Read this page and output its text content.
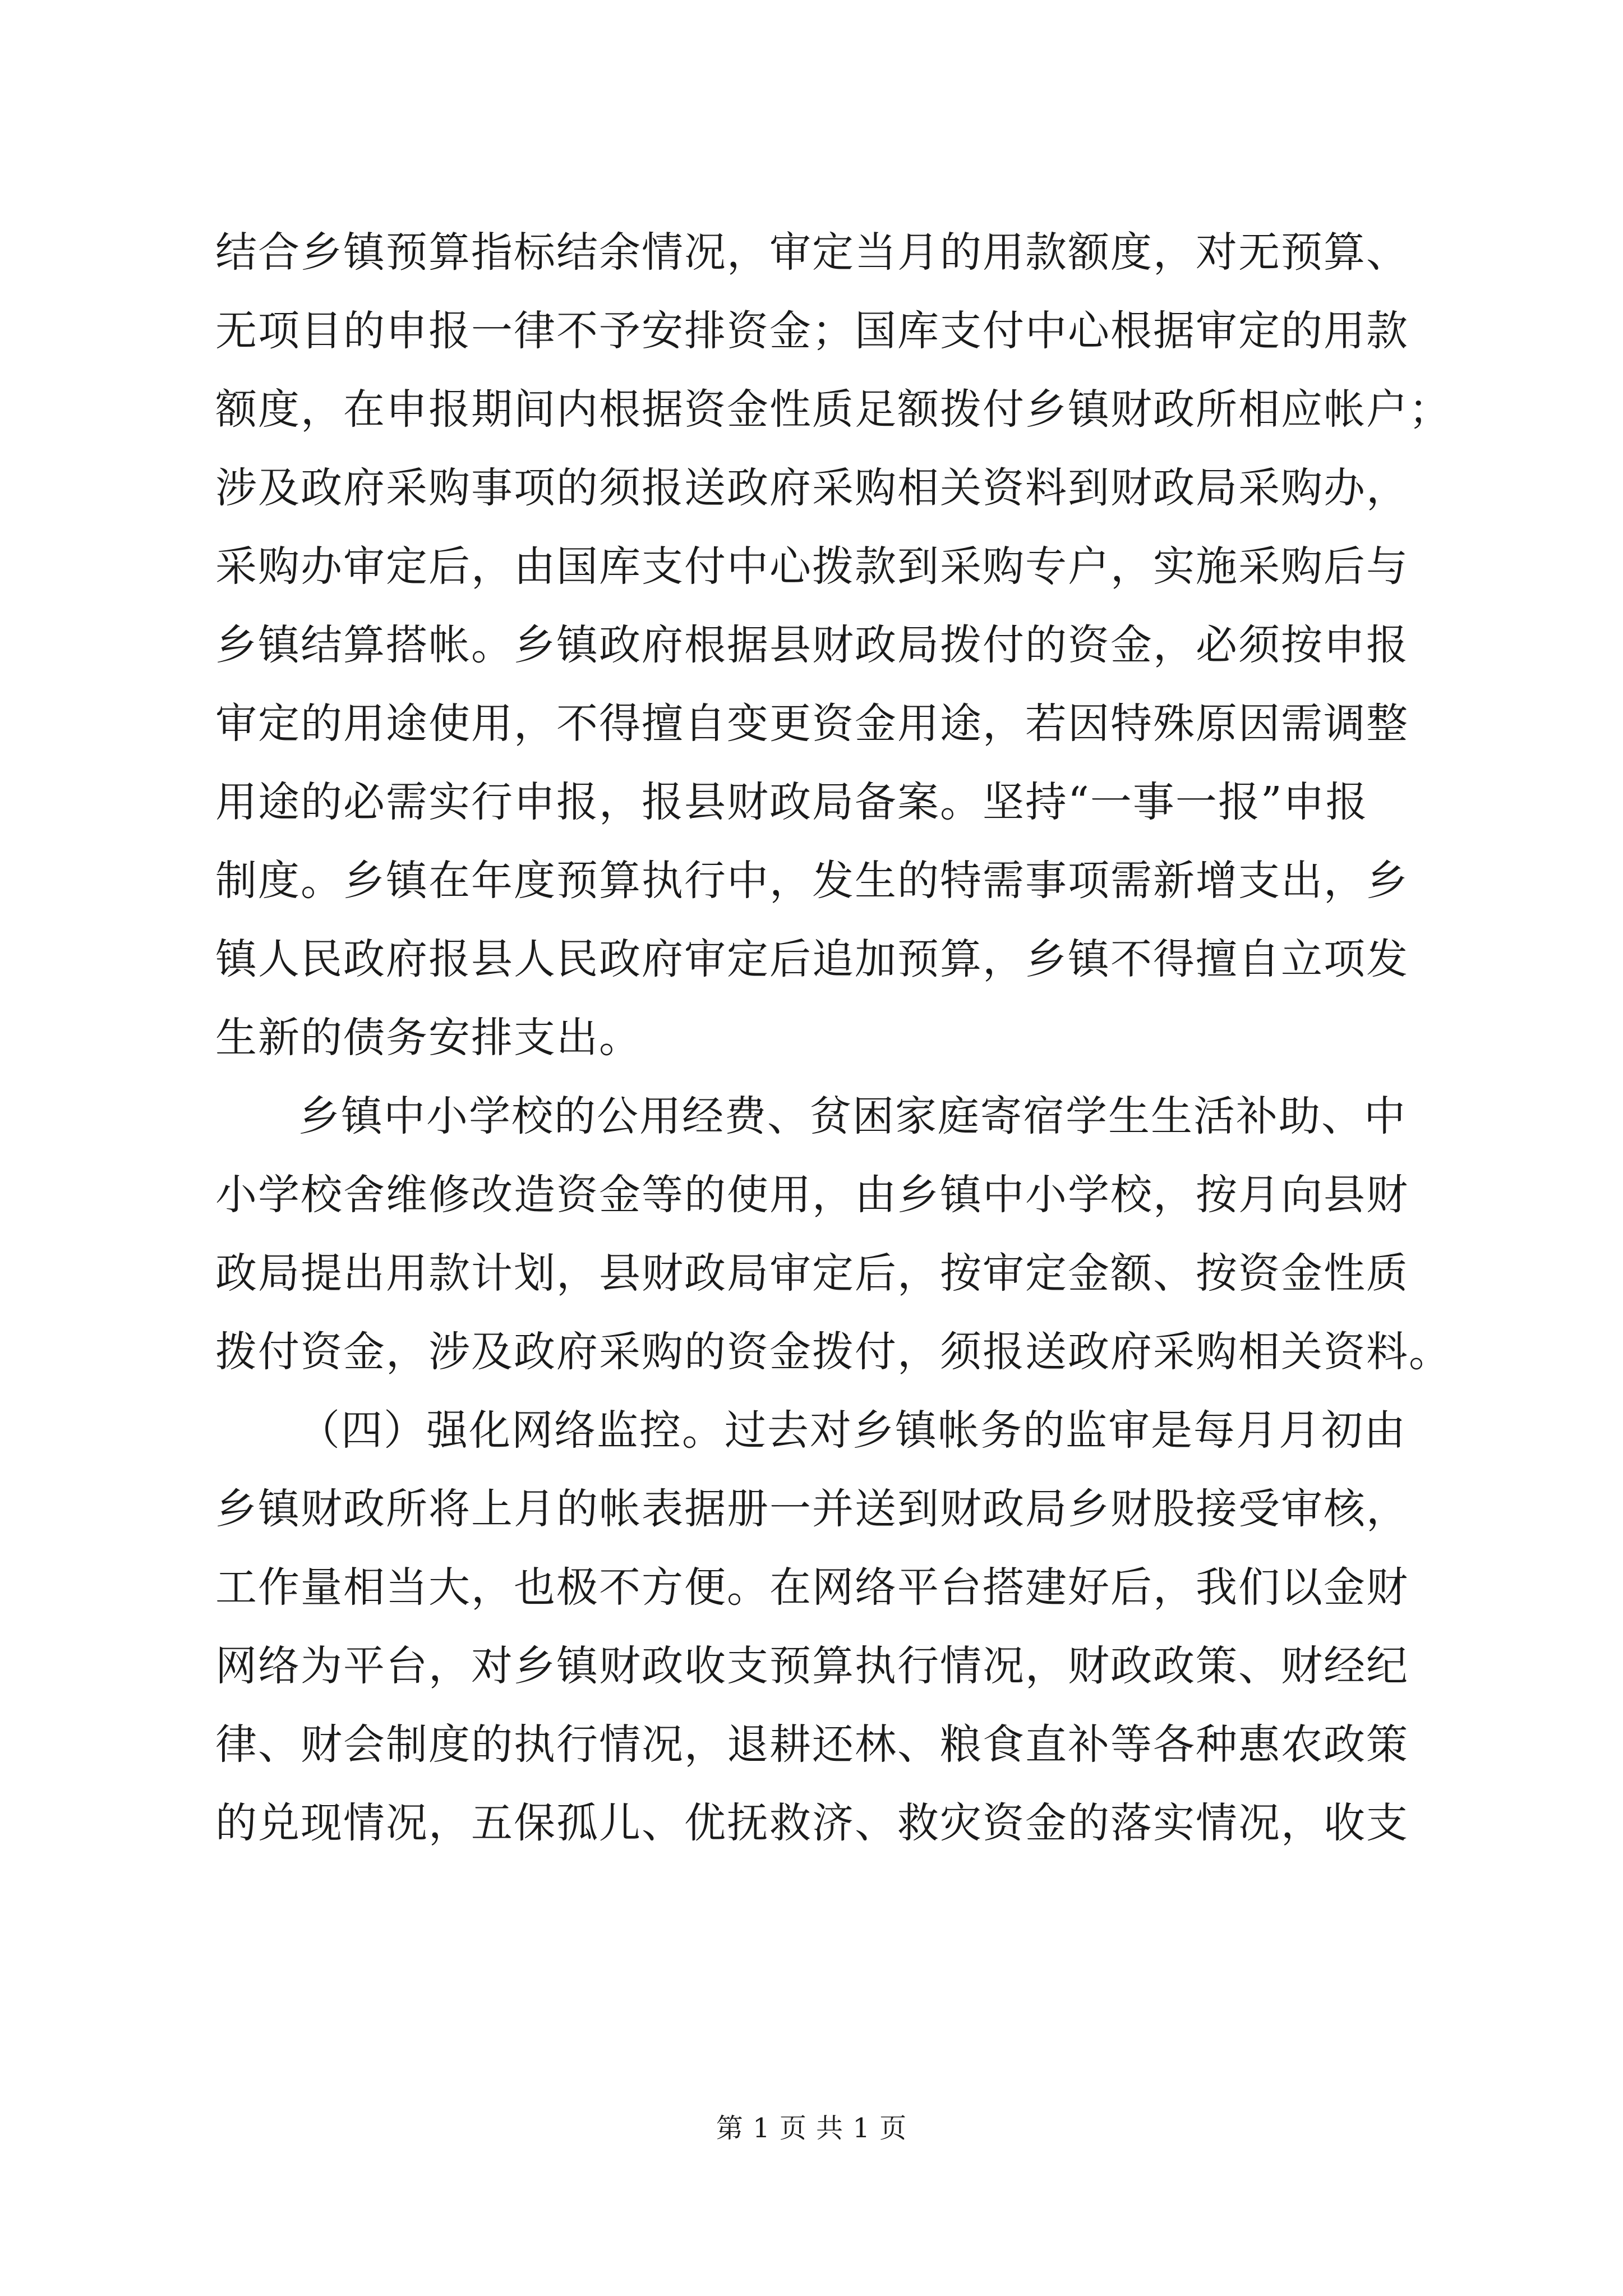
结合乡镇预算指标结余情况，审定当月的用款额度，对无预算、
无项目的申报一律不予安排资金；国库支付中心根据审定的用款
额度，在申报期间内根据资金性质足额拨付乡镇财政所相应帐户；
涉及政府采购事项的须报送政府采购相关资料到财政局采购办，
采购办审定后，由国库支付中心拨款到采购专户，实施采购后与
乡镇结算搭帐。乡镇政府根据县财政局拨付的资金，必须按申报
审定的用途使用，不得擅自变更资金用途，若因特殊原因需调整
用途的必需实行申报，报县财政局备案。坚持“一事一报”申报
制度。乡镇在年度预算执行中，发生的特需事项需新增支出，乡
镇人民政府报县人民政府审定后追加预算，乡镇不得擅自立项发
生新的债务安排支出。
乡镇中小学校的公用经费、贫困家庭寄宿学生生活补助、中
小学校舍维修改造资金等的使用，由乡镇中小学校，按月向县财
政局提出用款计划，县财政局审定后，按审定金额、按资金性质
拨付资金，涉及政府采购的资金拨付，须报送政府采购相关资料。
（四）强化网络监控。过去对乡镇帐务的监审是每月月初由
乡镇财政所将上月的帐表据册一并送到财政局乡财股接受审核，
工作量相当大，也极不方便。在网络平台搭建好后，我们以金财
网络为平台，对乡镇财政收支预算执行情况，财政政策、财经纪
律、财会制度的执行情况，退耕还林、粮食直补等各种惠农政策
的兑现情况，五保孤儿、优抚救济、救灾资金的落实情况，收支
第 1 页 共 1 页
